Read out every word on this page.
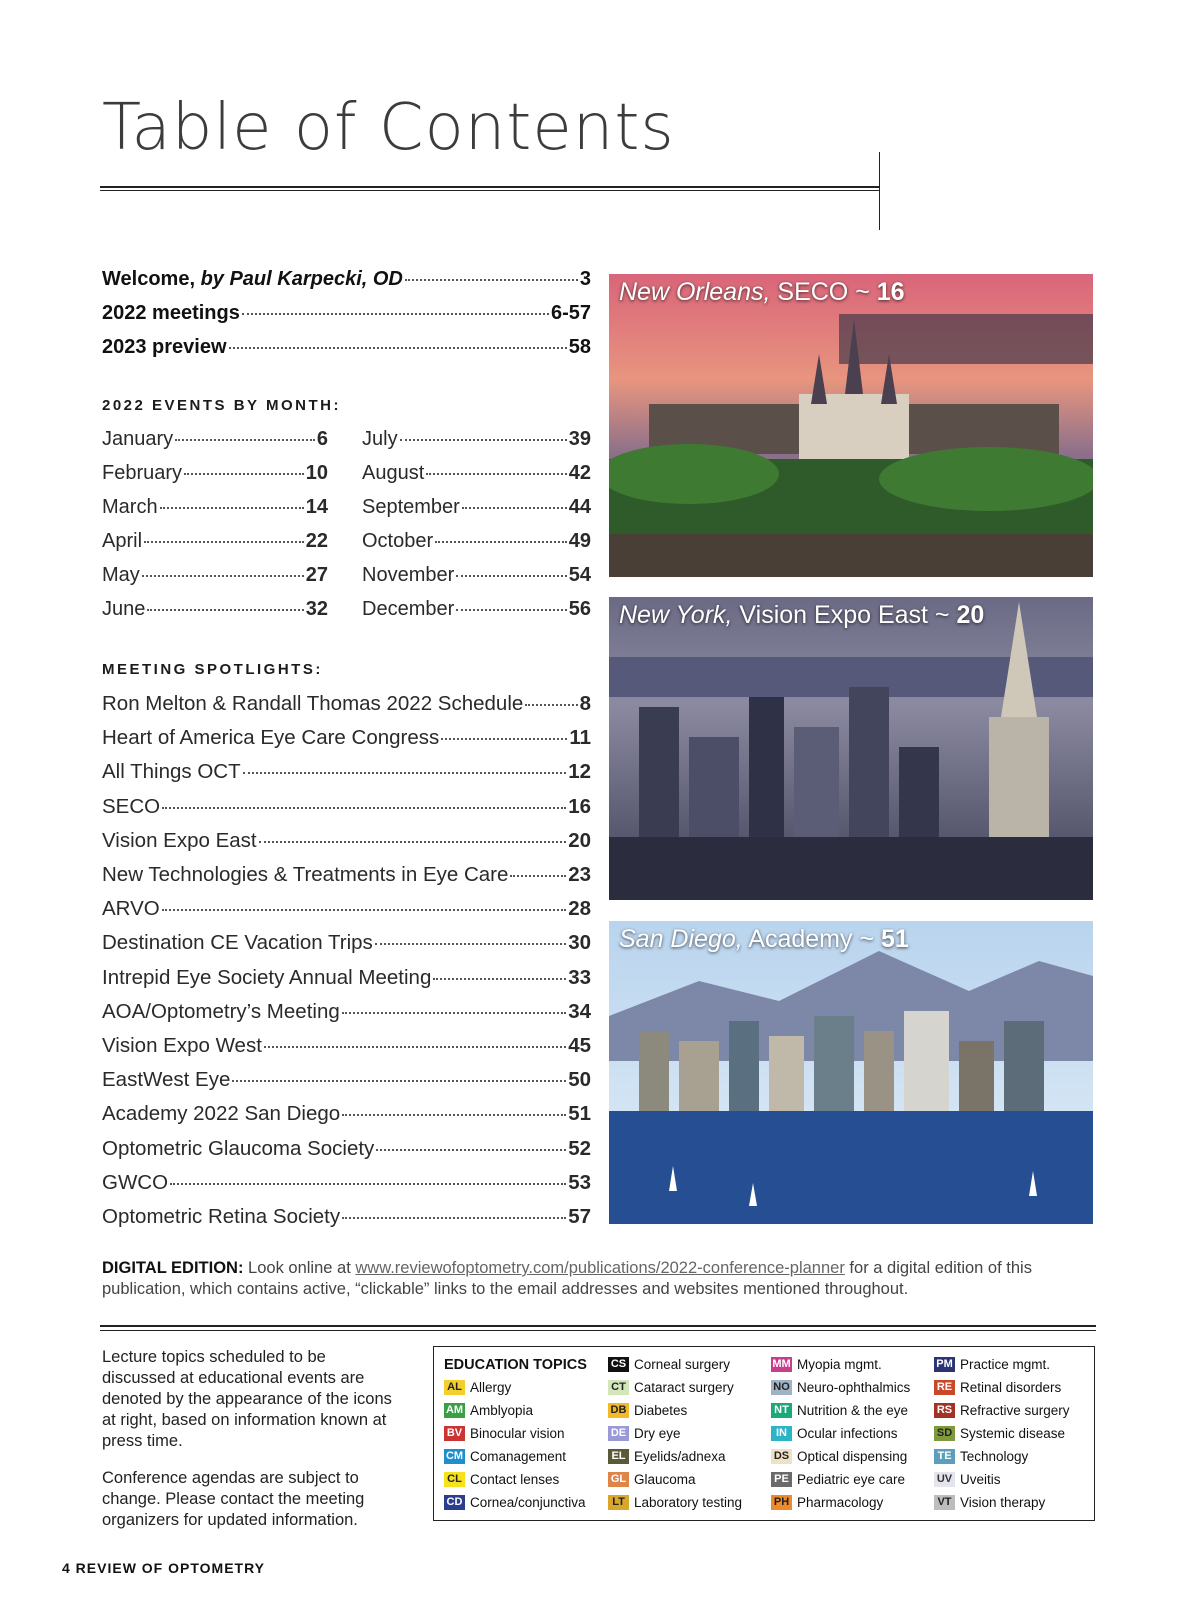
Table of Contents
Welcome, by Paul Karpecki, OD	3
2022 meetings	6-57
2023 preview	58
2022 EVENTS BY MONTH:
January	6
February	10
March	14
April	22
May	27
June	32
July	39
August	42
September	44
October	49
November	54
December	56
MEETING SPOTLIGHTS:
Ron Melton & Randall Thomas 2022 Schedule	8
Heart of America Eye Care Congress	11
All Things OCT	12
SECO	16
Vision Expo East	20
New Technologies & Treatments in Eye Care	23
ARVO	28
Destination CE Vacation Trips	30
Intrepid Eye Society Annual Meeting	33
AOA/Optometry’s Meeting	34
Vision Expo West	45
EastWest Eye	50
Academy 2022 San Diego	51
Optometric Glaucoma Society	52
GWCO	53
Optometric Retina Society	57
New Orleans, SECO ~ 16
New York, Vision Expo East ~ 20
San Diego, Academy ~ 51
DIGITAL EDITION: Look online at www.reviewofoptometry.com/publications/2022-conference-planner for a digital edition of this publication, which contains active, “clickable” links to the email addresses and websites mentioned throughout.
Lecture topics scheduled to be discussed at educational events are denoted by the appearance of the icons at right, based on information known at press time.
Conference agendas are subject to change. Please contact the meeting organizers for updated information.
EDUCATION TOPICS
AL Allergy
AM Amblyopia
BV Binocular vision
CM Comanagement
CL Contact lenses
CD Cornea/conjunctiva
CS Corneal surgery
CT Cataract surgery
DB Diabetes
DE Dry eye
EL Eyelids/adnexa
GL Glaucoma
LT Laboratory testing
MM Myopia mgmt.
NO Neuro-ophthalmics
NT Nutrition & the eye
IN Ocular infections
DS Optical dispensing
PE Pediatric eye care
PH Pharmacology
PM Practice mgmt.
RE Retinal disorders
RS Refractive surgery
SD Systemic disease
TE Technology
UV Uveitis
VT Vision therapy
4 REVIEW OF OPTOMETRY
